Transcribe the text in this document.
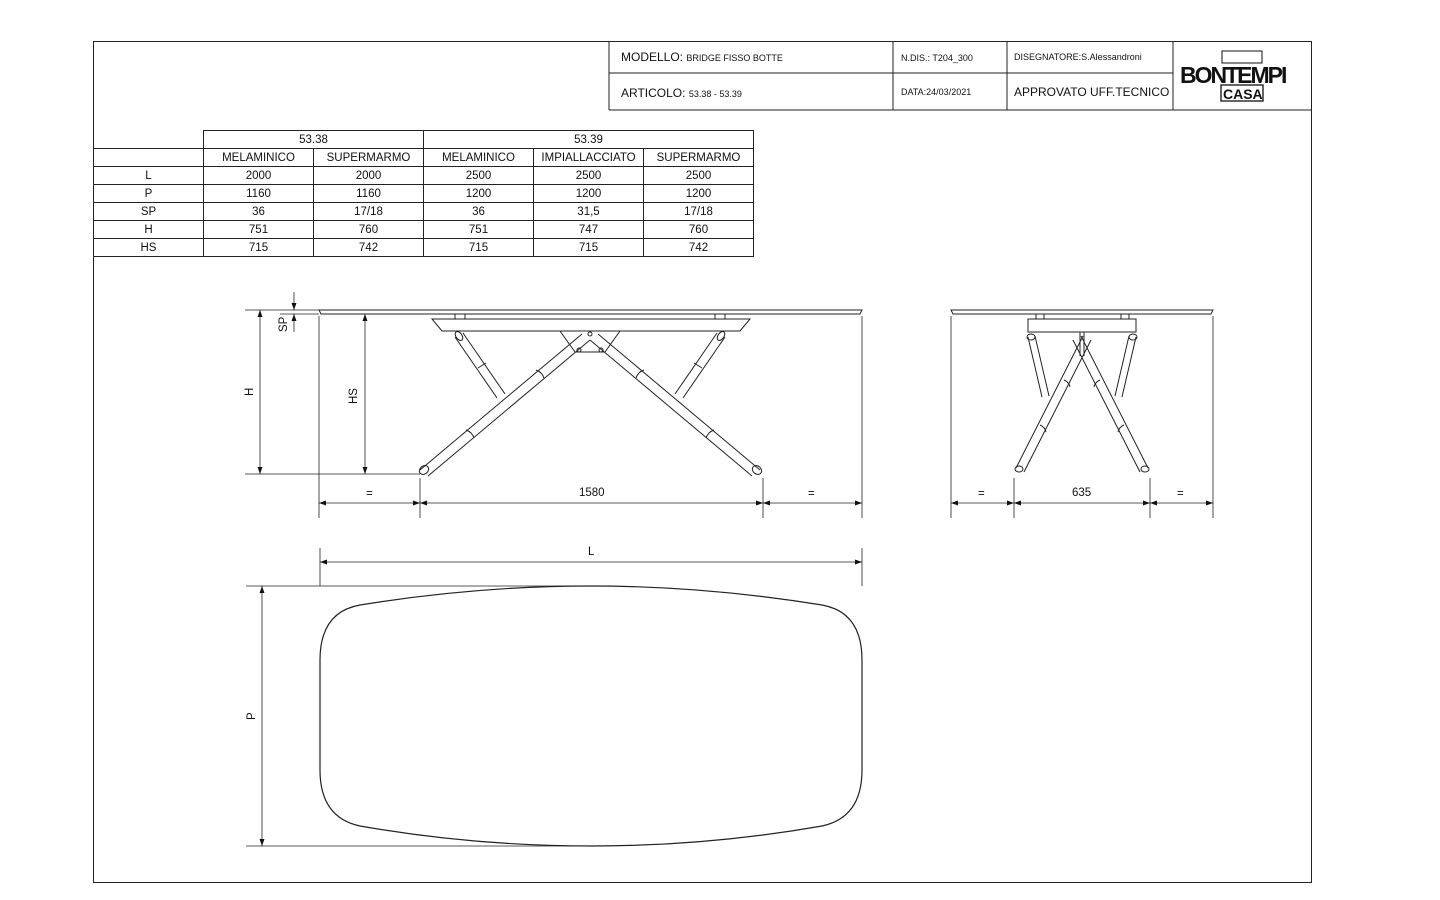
MODELLO: BRIDGE FISSO BOTTE
ARTICOLO: 53.38 - 53.39
N.DIS.: T204_300
DATA:24/03/2021
DISEGNATORE:S.Alessandroni
APPROVATO UFF.TECNICO
BONTEMPI
CASA
	53.38		53.39		
	MELAMINICO	SUPERMARMO	MELAMINICO	IMPIALLACCIATO	SUPERMARMO
L	2000	2000	2500	2500	2500
P	1160	1160	1200	1200	1200
SP	36	17/18	36	31,5	17/18
H	751	760	751	747	760
HS	715	742	715	715	742
SP
H	HS
=	1580	=	=	635	=
L
P
